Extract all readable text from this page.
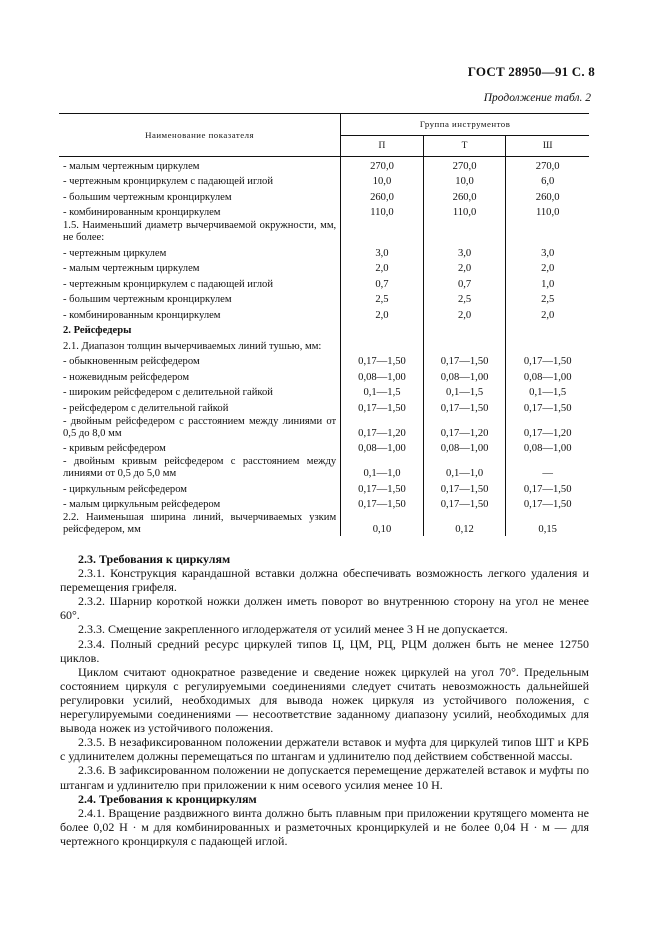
ГОСТ 28950—91 С. 8
Продолжение табл. 2
Наименование показателя	Группа инструментов		
	П	Т	Ш
- малым чертежным циркулем	270,0	270,0	270,0
- чертежным кронциркулем с падающей иглой	10,0	10,0	6,0
- большим чертежным кронциркулем	260,0	260,0	260,0
- комбинированным кронциркулем	110,0	110,0	110,0
1.5. Наименьший диаметр вычерчиваемой окружности, мм, не более:			
- чертежным циркулем	3,0	3,0	3,0
- малым чертежным циркулем	2,0	2,0	2,0
- чертежным кронциркулем с падающей иглой	0,7	0,7	1,0
- большим чертежным кронциркулем	2,5	2,5	2,5
- комбинированным кронциркулем	2,0	2,0	2,0
2. Рейсфедеры			
2.1. Диапазон толщин вычерчиваемых линий тушью, мм:			
- обыкновенным рейсфедером	0,17—1,50	0,17—1,50	0,17—1,50
- ножевидным рейсфедером	0,08—1,00	0,08—1,00	0,08—1,00
- широким рейсфедером с делительной гайкой	0,1—1,5	0,1—1,5	0,1—1,5
- рейсфедером с делительной гайкой	0,17—1,50	0,17—1,50	0,17—1,50
- двойным рейсфедером с расстоянием между линиями от 0,5 до 8,0 мм	0,17—1,20	0,17—1,20	0,17—1,20
- кривым рейсфедером	0,08—1,00	0,08—1,00	0,08—1,00
- двойным кривым рейсфедером с расстоянием между линиями от 0,5 до 5,0 мм	0,1—1,0	0,1—1,0	—
- циркульным рейсфедером	0,17—1,50	0,17—1,50	0,17—1,50
- малым циркульным рейсфедером	0,17—1,50	0,17—1,50	0,17—1,50
2.2. Наименьшая ширина линий, вычерчиваемых узким рейсфедером, мм	0,10	0,12	0,15

2.3. Требования к циркулям

2.3.1. Конструкция карандашной вставки должна обеспечивать возможность легкого удаления и перемещения грифеля.

2.3.2. Шарнир короткой ножки должен иметь поворот во внутреннюю сторону на угол не менее 60°.

2.3.3. Смещение закрепленного иглодержателя от усилий менее 3 Н не допускается.

2.3.4. Полный средний ресурс циркулей типов Ц, ЦМ, РЦ, РЦМ должен быть не менее 12750 циклов.

Циклом считают однократное разведение и сведение ножек циркулей на угол 70°. Предельным состоянием циркуля с регулируемыми соединениями следует считать невозможность дальнейшей регулировки усилий, необходимых для вывода ножек циркуля из устойчивого положения, с нерегулируемыми соединениями — несоответствие заданному диапазону усилий, необходимых для вывода ножек из устойчивого положения.

2.3.5. В незафиксированном положении держатели вставок и муфта для циркулей типов ШТ и КРБ с удлинителем должны перемещаться по штангам и удлинителю под действием собственной массы.

2.3.6. В зафиксированном положении не допускается перемещение держателей вставок и муфты по штангам и удлинителю при приложении к ним осевого усилия менее 10 Н.

2.4. Требования к кронциркулям

2.4.1. Вращение раздвижного винта должно быть плавным при приложении крутящего момента не более 0,02 Н · м для комбинированных и разметочных кронциркулей и не более 0,04 Н · м — для чертежного кронциркуля с падающей иглой.
